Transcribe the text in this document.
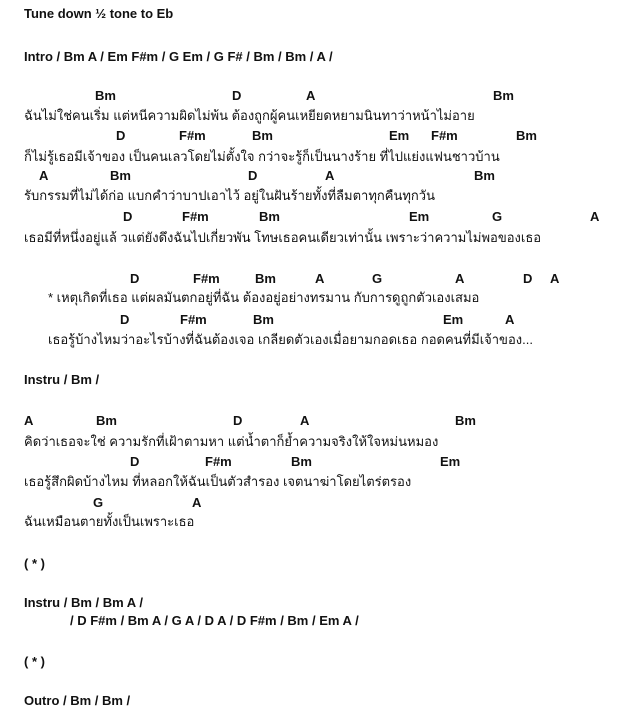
Tune down ½ tone to Eb
Intro / Bm A / Em F#m / G Em / G F# / Bm / Bm / A /
Bm	D	A	Bm
ฉันไม่ใช่คนเริ่ม แต่หนีความผิดไม่พ้น ต้องถูกผู้คนเหยียดหยามนินทาว่าหน้าไม่อาย
D	F#m	Bm	Em F#m	Bm
ก็ไม่รู้เธอมีเจ้าของ เป็นคนเลวโดยไม่ตั้งใจ กว่าจะรู้ก็เป็นนางร้าย ที่ไปแย่งแฟนชาวบ้าน
A	Bm	D	A	Bm
รับกรรมที่ไม่ได้ก่อ แบกคำว่าบาปเอาไว้ อยู่ในฝันร้ายทั้งที่ลืมตาทุกคืนทุกวัน
D	F#m	Bm	Em	G	A
เธอมีที่หนึ่งอยู่แล้ วแต่ยังดึงฉันไปเกี่ยวพัน โทษเธอคนเดียวเท่านั้น เพราะว่าความไม่พอของเธอ
D	F#m	Bm	A	G	A	D A
* เหตุเกิดที่เธอ แต่ผลมันตกอยู่ที่ฉัน ต้องอยู่อย่างทรมาน กับการดูถูกตัวเองเสมอ
D	F#m	Bm	Em	A
เธอรู้บ้างไหมว่าอะไรบ้างที่ฉันต้องเจอ เกลียดตัวเองเมื่อยามกอดเธอ กอดคนที่มีเจ้าของ...
Instru / Bm /
A	Bm	D	A	Bm
คิดว่าเธอจะใช่ ความรักที่เฝ้าตามหา แต่น้ำตาก็ย้ำความจริงให้ใจหม่นหมอง
D	F#m	Bm	Em
เธอรู้สึกผิดบ้างไหม ที่หลอกให้ฉันเป็นตัวสำรอง เจตนาฆ่าโดยไตร่ตรอง
G	A
ฉันเหมือนตายทั้งเป็นเพราะเธอ
( * )
Instru / Bm / Bm A /
/ D F#m / Bm A / G A / D A / D F#m / Bm / Em A /
( * )
Outro / Bm / Bm /
